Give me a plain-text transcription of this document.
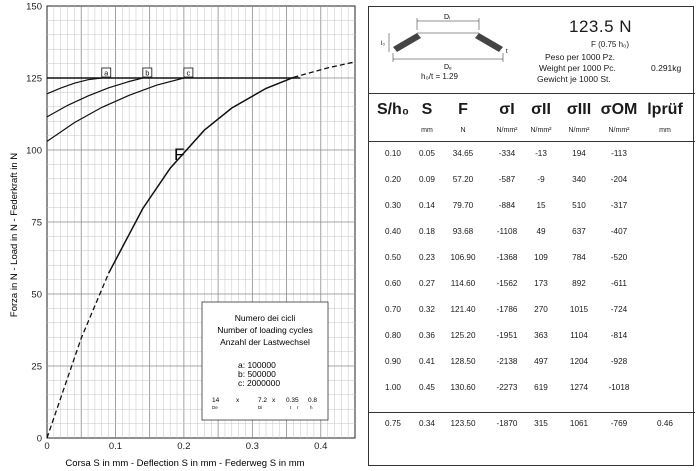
0
25
50
75
100
125
150
0	0.1	0.2	0.3	0.4
a	b	c
Forza in N - Load in N - Federkraft in N
Corsa S in mm - Deflection S in mm - Federweg S in mm
F
Numero dei cicli
Number of loading cycles
Anzahl der Lastwechsel
a: 100000
b: 500000
c: 2000000
14	x	7.2 x 0.35 0.8
De	Di	t r	h
Dᵢ
Dₑ
l₀
t
h₀/t = 1.29
123.5 N
F (0.75 h₀)
Peso per 1000 Pz.
Weight per 1000 Pc.	0.291kg
Gewicht je 1000 St.
S/h₀ S
mm
F
N
σI
N/mm²
σII
N/mm²
σIII
N/mm²
σOM
N/mm²
lprüf
mm
0.10	0.05	34.65	-334	-13	194	-113
0.20	0.09	57.20	-587	-9	340	-204
0.30	0.14	79.70	-884	15	510	-317
0.40	0.18	93.68	-1108	49	637	-407
0.50	0.23	106.90	-1368	109	784	-520
0.60	0.27	114.60	-1562	173	892	-611
0.70	0.32	121.40	-1786	270	1015	-724
0.80	0.36	125.20	-1951	363	1104	-814
0.90	0.41	128.50	-2138	497	1204	-928
1.00	0.45	130.60	-2273	619	1274	-1018
0.75	0.34	123.50	-1870	315	1061	-769	0.46
